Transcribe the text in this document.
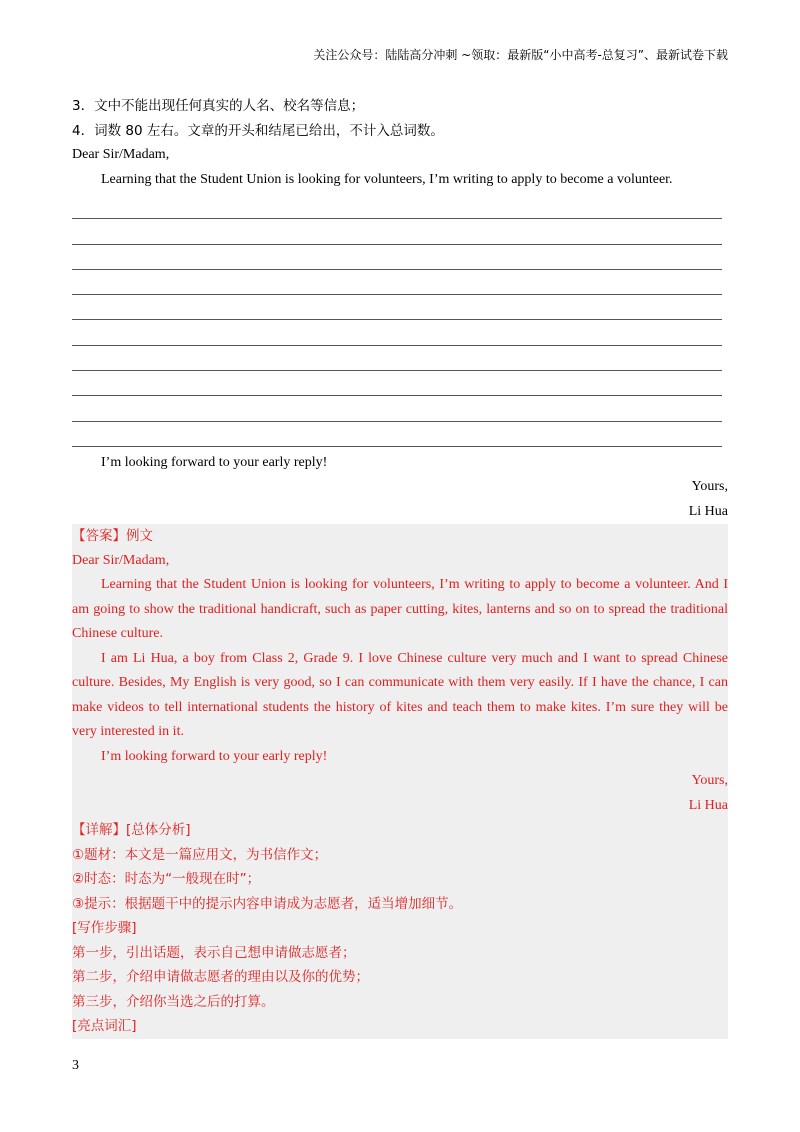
关注公众号：陆陆高分冲刺 ~领取：最新版“小中高考-总复习”、最新试卷下载
3．文中不能出现任何真实的人名、校名等信息；
4．词数 80 左右。文章的开头和结尾已给出，不计入总词数。
Dear Sir/Madam,
Learning that the Student Union is looking for volunteers, I’m writing to apply to become a volunteer.
I’m looking forward to your early reply!
Yours,
Li Hua
【答案】例文
Dear Sir/Madam,
Learning that the Student Union is looking for volunteers, I’m writing to apply to become a volunteer. And I am going to show the traditional handicraft, such as paper cutting, kites, lanterns and so on to spread the traditional Chinese culture.
I am Li Hua, a boy from Class 2, Grade 9. I love Chinese culture very much and I want to spread Chinese culture. Besides, My English is very good, so I can communicate with them very easily. If I have the chance, I can make videos to tell international students the history of kites and teach them to make kites. I’m sure they will be very interested in it.
I’m looking forward to your early reply!
Yours,
Li Hua
【详解】[总体分析]
①题材：本文是一篇应用文，为书信作文；
②时态：时态为“一般现在时”；
③提示：根据题干中的提示内容申请成为志愿者，适当增加细节。
[写作步骤]
第一步，引出话题，表示自己想申请做志愿者；
第二步，介绍申请做志愿者的理由以及你的优势；
第三步，介绍你当选之后的打算。
[亮点词汇]
3
